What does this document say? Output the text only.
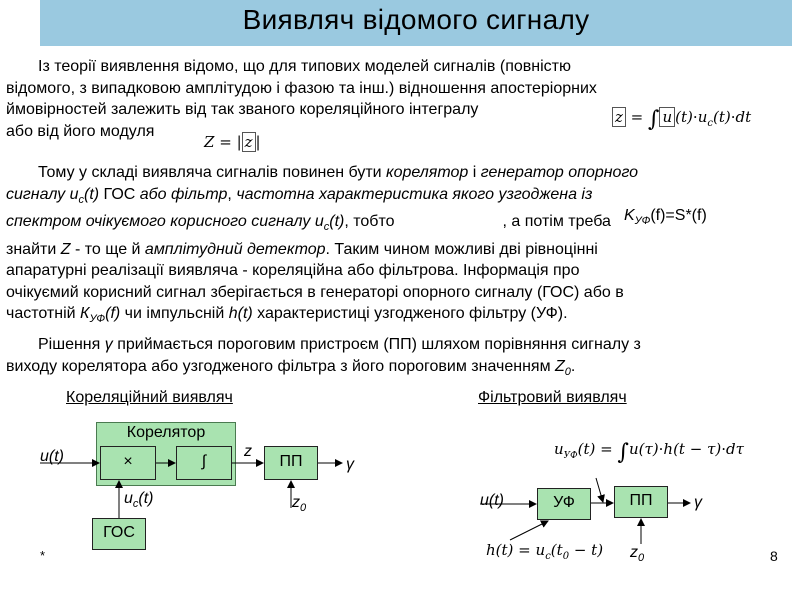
Виявляч відомого сигналу
Із теорії виявлення відомо, що для типових моделей сигналів (повністю
відомого, з випадковою амплітудою і фазою та інш.) відношення апостеріорних
ймовірностей залежить від так званого кореляційного інтегралу
або від його модуля
z = ∫ u $(t)\cdot u_c(t)\cdot dt$
Z = | z |
Тому у складі виявляча сигналів повинен бути корелятор і генератор опорного
сигналу $u_c(t)$ ГОС або фільтр, частотна характеристика якого узгоджена із
спектром очікуємого корисного сигналу $u_c(t)$, тобто	, а потім треба
знайти Z - то ще й амплітудний детектор. Таким чином можливі дві рівноцінні
апаратурні реалізації виявляча - кореляційна або фільтрова. Інформація про
очікуємий корисний сигнал зберігається в генераторі опорного сигналу (ГОС) або в
частотній $К_{УФ}(f)$ чи імпульсній h(t) характеристиці узгодженого фільтру (УФ).
$K_{УФ}(f)=S*(f)$
Рішення γ приймається пороговим пристроєм (ПП) шляхом порівняння сигналу з
виходу корелятора або узгодженого фільтра з його пороговим значенням $Z_0$.
Кореляційний виявляч	Фільтровий виявляч
Корелятор
×	∫	ПП
ГОС
u(t)	z
γ
$u_c(t)$	$z_0$	УФ	ПП
u(t)	γ
$z_0$
$u_{УФ}(t) = \int u(\tau)\cdot h(t - \tau)\cdot d\tau$
$h(t) = u_c(t_0 - t)$
*	8
